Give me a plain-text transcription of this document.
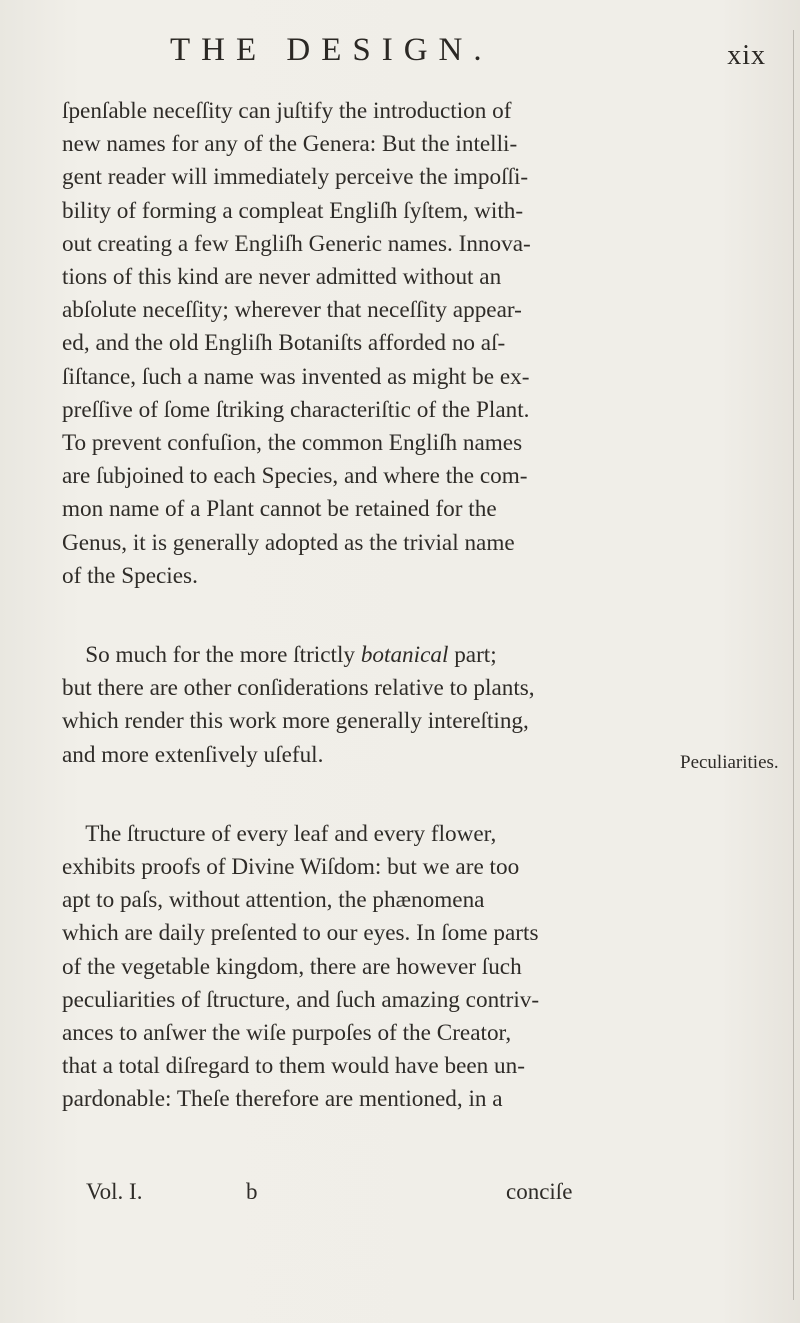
THE DESIGN.	xix
ſpenſable neceſſity can juſtify the introduction of
new names for any of the Genera: But the intelli-
gent reader will immediately perceive the impoſſi-
bility of forming a compleat Engliſh ſyſtem, with-
out creating a few Engliſh Generic names. Innova-
tions of this kind are never admitted without an
abſolute neceſſity; wherever that neceſſity appear-
ed, and the old Engliſh Botaniſts afforded no aſ-
ſiſtance, ſuch a name was invented as might be ex-
preſſive of ſome ſtriking characteriſtic of the Plant.
To prevent confuſion, the common Engliſh names
are ſubjoined to each Species, and where the com-
mon name of a Plant cannot be retained for the
Genus, it is generally adopted as the trivial name
of the Species.
 So much for the more ſtrictly botanical part;
but there are other conſiderations relative to plants,
which render this work more generally intereſting,
and more extenſively uſeful.
 The ſtructure of every leaf and every flower,
exhibits proofs of Divine Wiſdom: but we are too
apt to paſs, without attention, the phænomena
which are daily preſented to our eyes. In ſome parts
of the vegetable kingdom, there are however ſuch
peculiarities of ſtructure, and ſuch amazing contriv-
ances to anſwer the wiſe purpoſes of the Creator,
that a total diſregard to them would have been un-
pardonable: Theſe therefore are mentioned, in a
Peculiarities.
Vol. I.	b	conciſe
